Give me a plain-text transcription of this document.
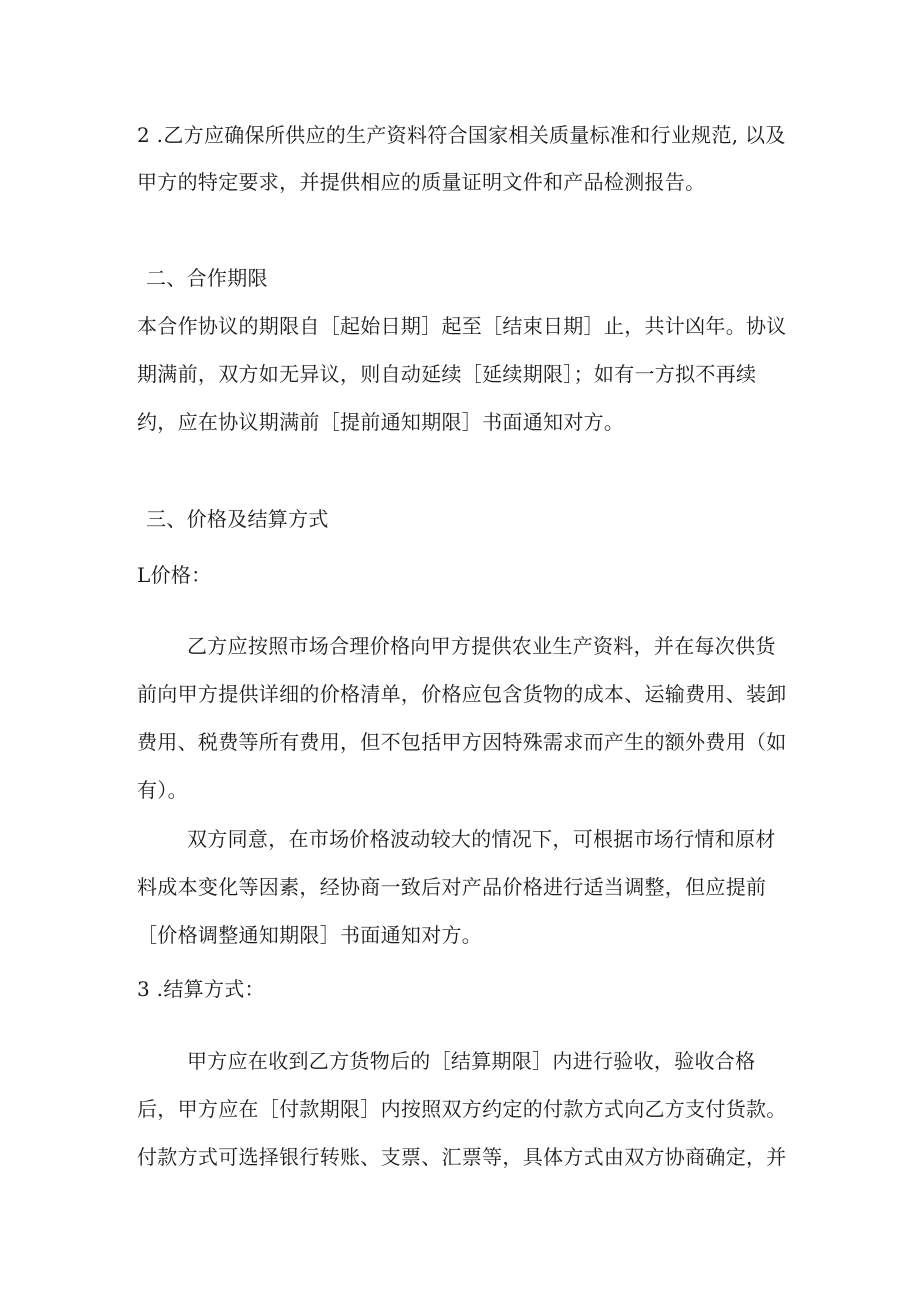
2 .乙方应确保所供应的生产资料符合国家相关质量标准和行业规范, 以及
甲方的特定要求，并提供相应的质量证明文件和产品检测报告。
二、合作期限
本合作协议的期限自［起始日期］起至［结束日期］止，共计凶年。协议
期满前，双方如无异议，则自动延续［延续期限］；如有一方拟不再续
约，应在协议期满前［提前通知期限］书面通知对方。
三、价格及结算方式
L价格：
乙方应按照市场合理价格向甲方提供农业生产资料，并在每次供货
前向甲方提供详细的价格清单，价格应包含货物的成本、运输费用、装卸
费用、税费等所有费用，但不包括甲方因特殊需求而产生的额外费用（如
有）。
双方同意，在市场价格波动较大的情况下，可根据市场行情和原材
料成本变化等因素，经协商一致后对产品价格进行适当调整，但应提前
［价格调整通知期限］书面通知对方。
3 .结算方式：
甲方应在收到乙方货物后的［结算期限］内进行验收，验收合格
后，甲方应在［付款期限］内按照双方约定的付款方式向乙方支付货款。
付款方式可选择银行转账、支票、汇票等，具体方式由双方协商确定，并
